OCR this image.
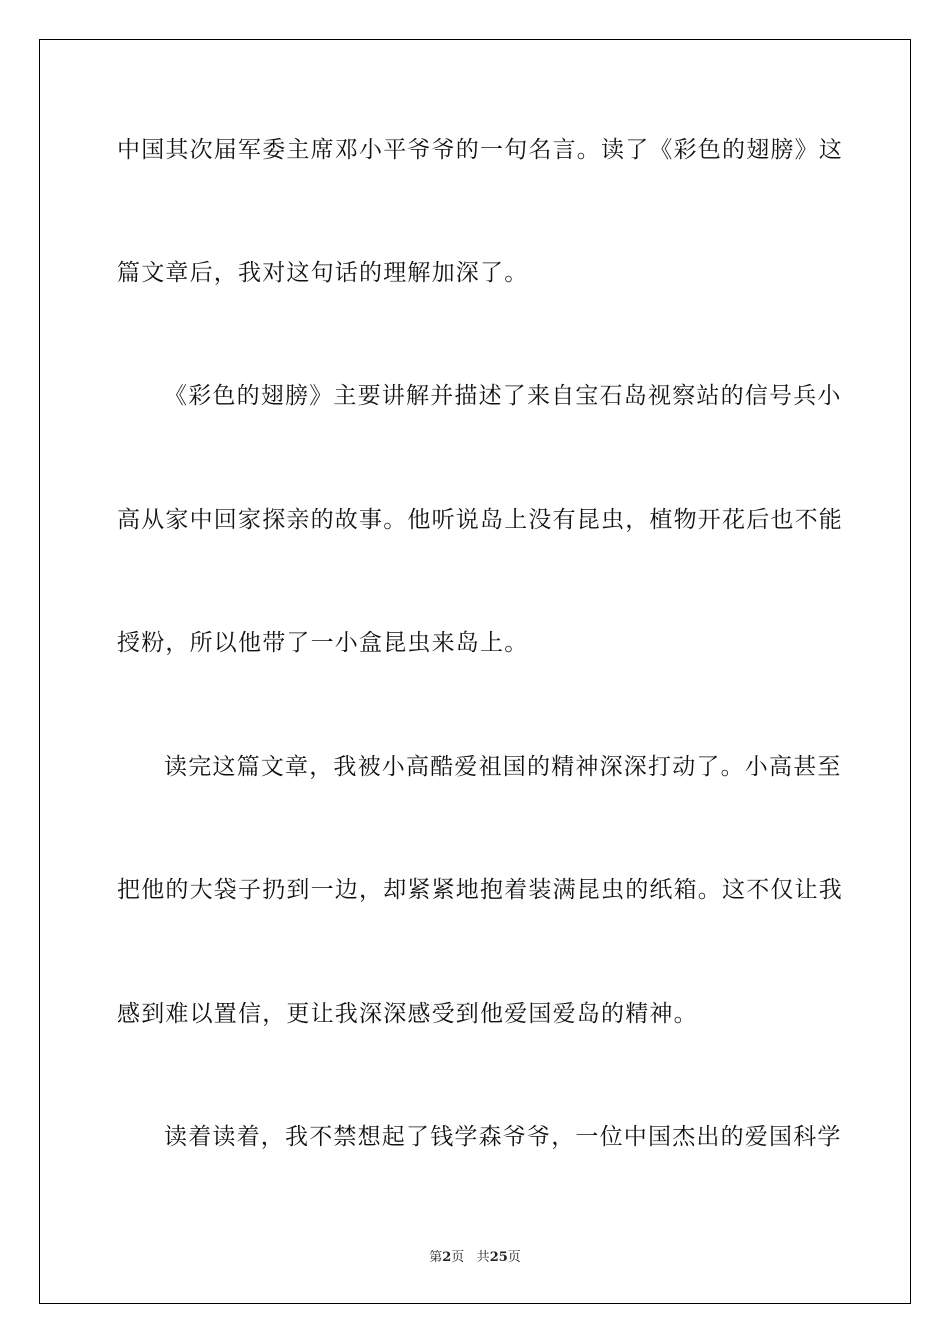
中国其次届军委主席邓小平爷爷的一句名言。读了《彩色的翅膀》这
篇文章后，我对这句话的理解加深了。
《彩色的翅膀》主要讲解并描述了来自宝石岛视察站的信号兵小
高从家中回家探亲的故事。他听说岛上没有昆虫，植物开花后也不能
授粉，所以他带了一小盒昆虫来岛上。
读完这篇文章，我被小高酷爱祖国的精神深深打动了。小高甚至
把他的大袋子扔到一边，却紧紧地抱着装满昆虫的纸箱。这不仅让我
感到难以置信，更让我深深感受到他爱国爱岛的精神。
读着读着，我不禁想起了钱学森爷爷，一位中国杰出的爱国科学
第2页 共25页
